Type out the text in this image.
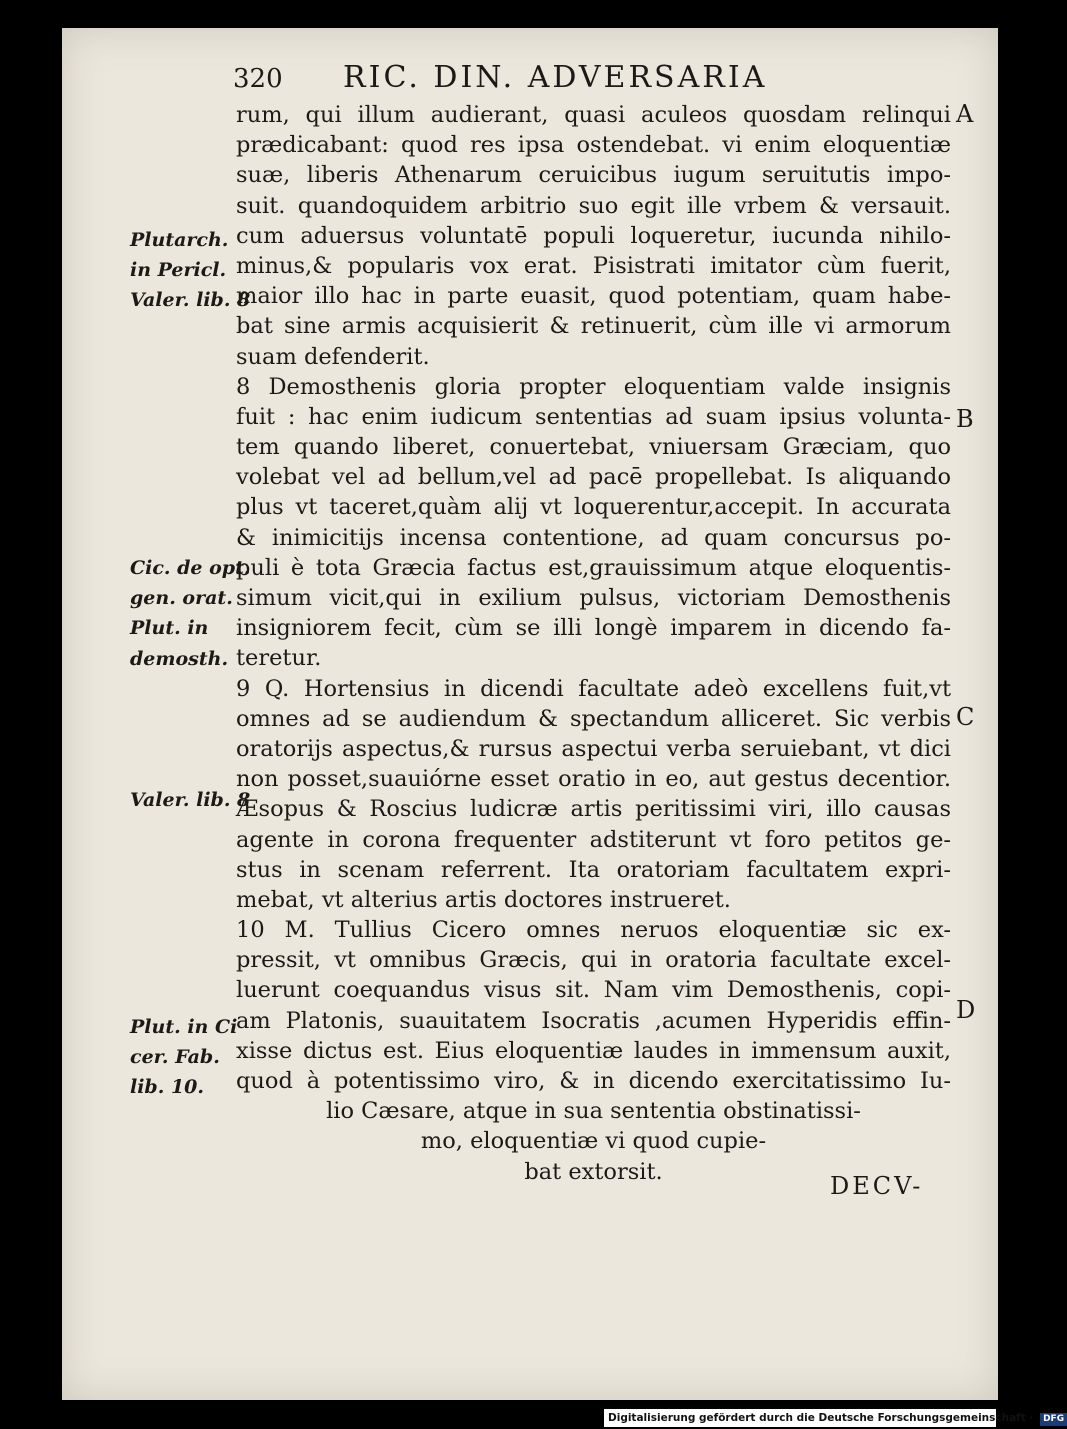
320 RIC. DIN. ADVERSARIA
rum, qui illum audierant, quasi aculeos quosdam relinqui
prædicabant: quod res ipsa ostendebat. vi enim eloquentiæ
suæ, liberis Athenarum ceruicibus iugum seruitutis impo-
suit. quandoquidem arbitrio suo egit ille vrbem & versauit.
cum aduersus voluntatē populi loqueretur, iucunda nihilo-
minus,& popularis vox erat. Pisistrati imitator cùm fuerit,
maior illo hac in parte euasit, quod potentiam, quam habe-
bat sine armis acquisierit & retinuerit, cùm ille vi armorum
suam defenderit.
8 Demosthenis gloria propter eloquentiam valde insignis
fuit : hac enim iudicum sententias ad suam ipsius volunta-
tem quando liberet, conuertebat, vniuersam Græciam, quo
volebat vel ad bellum,vel ad pacē propellebat. Is aliquando
plus vt taceret,quàm alij vt loquerentur,accepit. In accurata
& inimicitijs incensa contentione, ad quam concursus po-
puli è tota Græcia factus est,grauissimum atque eloquentis-
simum vicit,qui in exilium pulsus, victoriam Demosthenis
insigniorem fecit, cùm se illi longè imparem in dicendo fa-
teretur.
9 Q. Hortensius in dicendi facultate adeò excellens fuit,vt
omnes ad se audiendum & spectandum alliceret. Sic verbis
oratorijs aspectus,& rursus aspectui verba seruiebant, vt dici
non posset,suauiórne esset oratio in eo, aut gestus decentior.
Æsopus & Roscius ludicræ artis peritissimi viri, illo causas
agente in corona frequenter adstiterunt vt foro petitos ge-
stus in scenam referrent. Ita oratoriam facultatem expri-
mebat, vt alterius artis doctores instrueret.
10 M. Tullius Cicero omnes neruos eloquentiæ sic ex-
pressit, vt omnibus Græcis, qui in oratoria facultate excel-
luerunt coequandus visus sit. Nam vim Demosthenis, copi-
am Platonis, suauitatem Isocratis ,acumen Hyperidis effin-
xisse dictus est. Eius eloquentiæ laudes in immensum auxit,
quod à potentissimo viro, & in dicendo exercitatissimo Iu-
lio Cæsare, atque in sua sententia obstinatissi-
mo, eloquentiæ vi quod cupie-
bat extorsit.
Plutarch.
in Pericl.
Valer. lib. 8
Cic. de opt.
gen. orat.
Plut. in
demosth.
Valer. lib. 8
Plut. in Ci
cer. Fab.
lib. 10.
A
B
C
D
DECV-
Digitalisierung gefördert durch die Deutsche Forschungsgemeinschaft · DFG
